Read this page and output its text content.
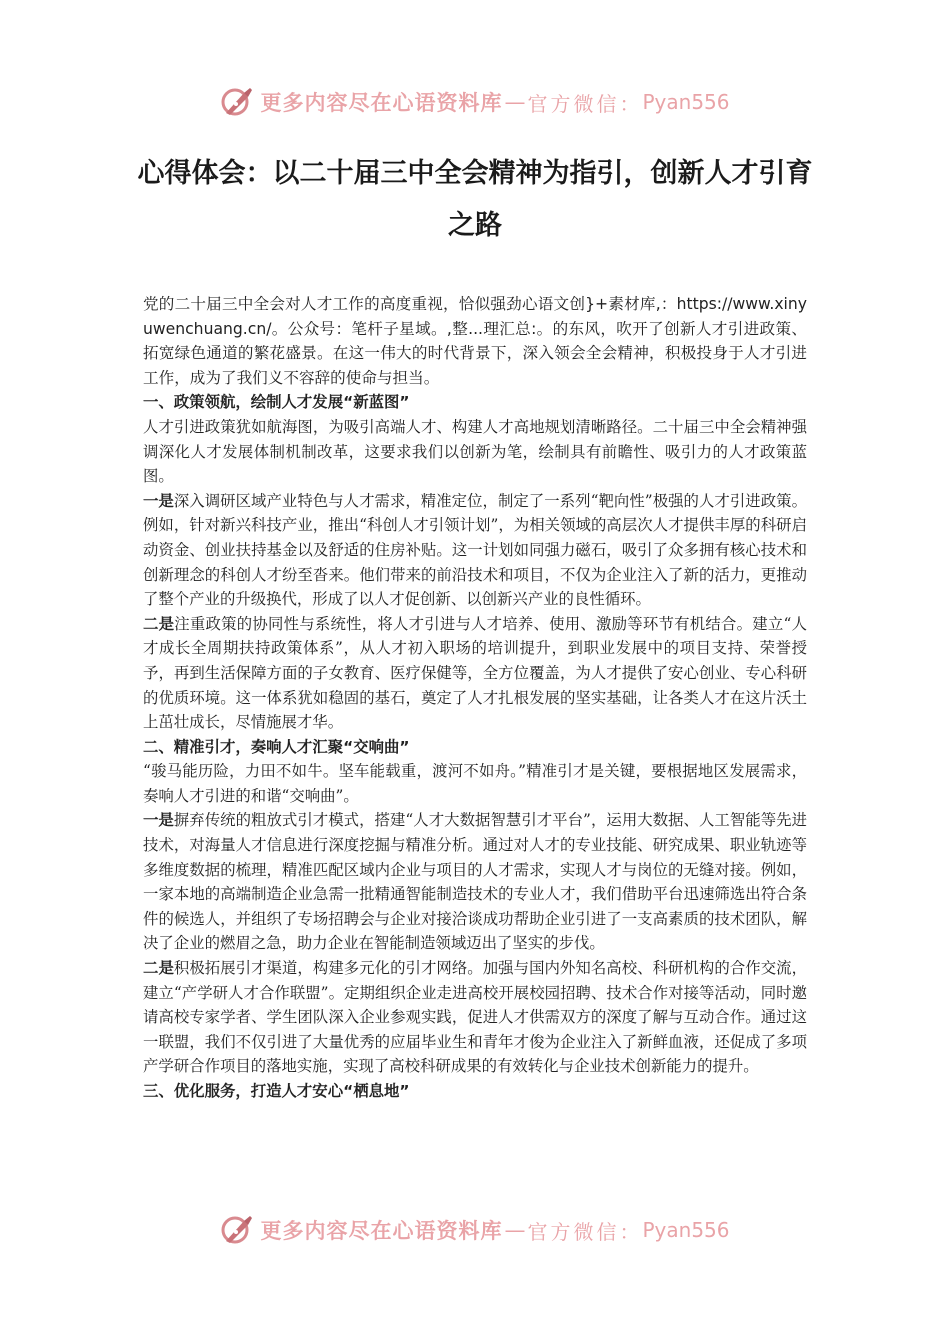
更多内容尽在心语资料库 — 官方微信： Pyan556
心得体会：以二十届三中全会精神为指引，创新人才引育之路

党的二十届三中全会对人才工作的高度重视，恰似强劲心语文创}+素材库,：https://www.xinyuwenchuang.cn/。公众号：笔杆子星域。,整...理汇总:。的东风，吹开了创新人才引进政策、拓宽绿色通道的繁花盛景。在这一伟大的时代背景下，深入领会全会精神，积极投身于人才引进工作，成为了我们义不容辞的使命与担当。

一、政策领航，绘制人才发展“新蓝图”

人才引进政策犹如航海图，为吸引高端人才、构建人才高地规划清晰路径。二十届三中全会精神强调深化人才发展体制机制改革，这要求我们以创新为笔，绘制具有前瞻性、吸引力的人才政策蓝图。

一是深入调研区域产业特色与人才需求，精准定位，制定了一系列“靶向性”极强的人才引进政策。例如，针对新兴科技产业，推出“科创人才引领计划”，为相关领域的高层次人才提供丰厚的科研启动资金、创业扶持基金以及舒适的住房补贴。这一计划如同强力磁石，吸引了众多拥有核心技术和创新理念的科创人才纷至沓来。他们带来的前沿技术和项目，不仅为企业注入了新的活力，更推动了整个产业的升级换代，形成了以人才促创新、以创新兴产业的良性循环。

二是注重政策的协同性与系统性，将人才引进与人才培养、使用、激励等环节有机结合。建立“人才成长全周期扶持政策体系”，从人才初入职场的培训提升，到职业发展中的项目支持、荣誉授予，再到生活保障方面的子女教育、医疗保健等，全方位覆盖，为人才提供了安心创业、专心科研的优质环境。这一体系犹如稳固的基石，奠定了人才扎根发展的坚实基础，让各类人才在这片沃土上茁壮成长，尽情施展才华。

二、精准引才，奏响人才汇聚“交响曲”

“骏马能历险，力田不如牛。坚车能载重，渡河不如舟。”精准引才是关键，要根据地区发展需求，奏响人才引进的和谐“交响曲”。

一是摒弃传统的粗放式引才模式，搭建“人才大数据智慧引才平台”，运用大数据、人工智能等先进技术，对海量人才信息进行深度挖掘与精准分析。通过对人才的专业技能、研究成果、职业轨迹等多维度数据的梳理，精准匹配区域内企业与项目的人才需求，实现人才与岗位的无缝对接。例如，一家本地的高端制造企业急需一批精通智能制造技术的专业人才，我们借助平台迅速筛选出符合条件的候选人，并组织了专场招聘会与企业对接洽谈成功帮助企业引进了一支高素质的技术团队，解决了企业的燃眉之急，助力企业在智能制造领域迈出了坚实的步伐。

二是积极拓展引才渠道，构建多元化的引才网络。加强与国内外知名高校、科研机构的合作交流，建立“产学研人才合作联盟”。定期组织企业走进高校开展校园招聘、技术合作对接等活动，同时邀请高校专家学者、学生团队深入企业参观实践，促进人才供需双方的深度了解与互动合作。通过这一联盟，我们不仅引进了大量优秀的应届毕业生和青年才俊为企业注入了新鲜血液，还促成了多项产学研合作项目的落地实施，实现了高校科研成果的有效转化与企业技术创新能力的提升。

三、优化服务，打造人才安心“栖息地”
更多内容尽在心语资料库 — 官方微信： Pyan556
